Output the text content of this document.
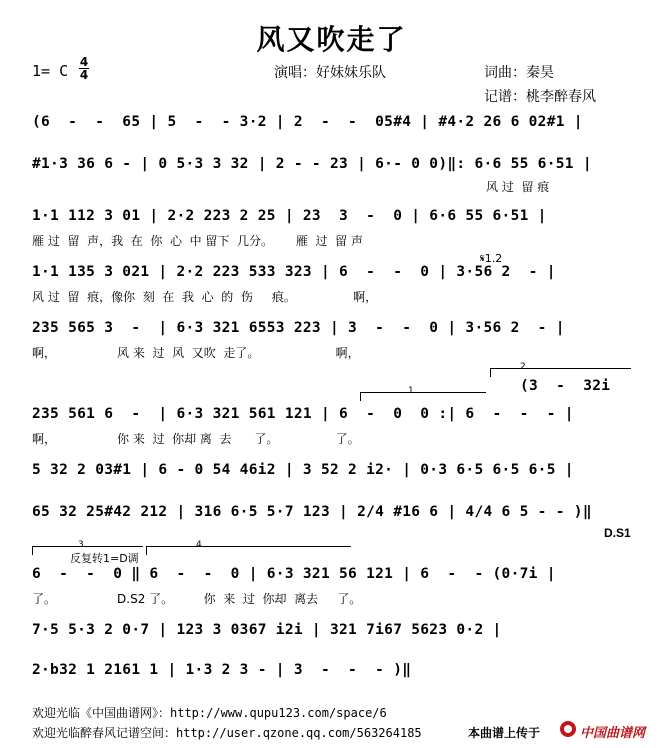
风又吹走了
1= C 4
4	演唱：好妹妹乐队	词曲：秦昊
记谱：桃李醉春风
(6  -  -  65 | 5  -  - 3·2 | 2  -  -  05#4 | #4·2 26 6 02#1 |
#1·3 36 6 - | 0 5·3 3 32 | 2 - - 23 | 6·- 0 0)‖: 6·6 55 6·51 |
风 过  留 痕
1·1 112 3 01 | 2·2 223 2 25 | 23  3  -  0 | 6·6 55 6·51 |
雁 过  留  声，我  在  你  心  中 留下  几分。      雁  过  留 声
𝄋1.2
1·1 135 3 021 | 2·2 223 533 323 | 6  -  -  0 | 3·56 2  - |
风 过  留  痕，像你  刻  在  我  心  的  伤     痕。               啊，
235 565 3  -  | 6·3 321 6553 223 | 3  -  -  0 | 3·56 2  - |
啊，                风 来  过  风  又吹  走了。                    啊，
2
(3  -  32i
1
235 561 6  -  | 6·3 321 561 121 | 6  -  0  0 :| 6  -  -  - |
啊，                你 来  过  你却 离  去      了。               了。
5 32 2 03#1 | 6 - 0 54 46i2 | 3 52 2 i2· | 0·3 6·5 6·5 6·5 |
65 32 25#42 212 | 316 6·5 5·7 123 | 2/4 #16 6 | 4/4 6 5 - - )‖
D.S1
3
反复转1=D调
4
6  -  -  0 ‖ 6  -  -  0 | 6·3 321 56 121 | 6  -  - (0·7i |
了。                D.S2 了。        你  来  过  你却  离去     了。
7·5 5·3 2 0·7 | 123 3 0367 i2i | 321 7i67 5623 0·2 |
2·b32 1 2161 1 | 1·3 2 3 - | 3  -  -  - )‖
欢迎光临《中国曲谱网》：http://www.qupu123.com/space/6
欢迎光临醉春风记谱空间：http://user.qzone.qq.com/563264185	本曲谱上传于	中国曲谱网
